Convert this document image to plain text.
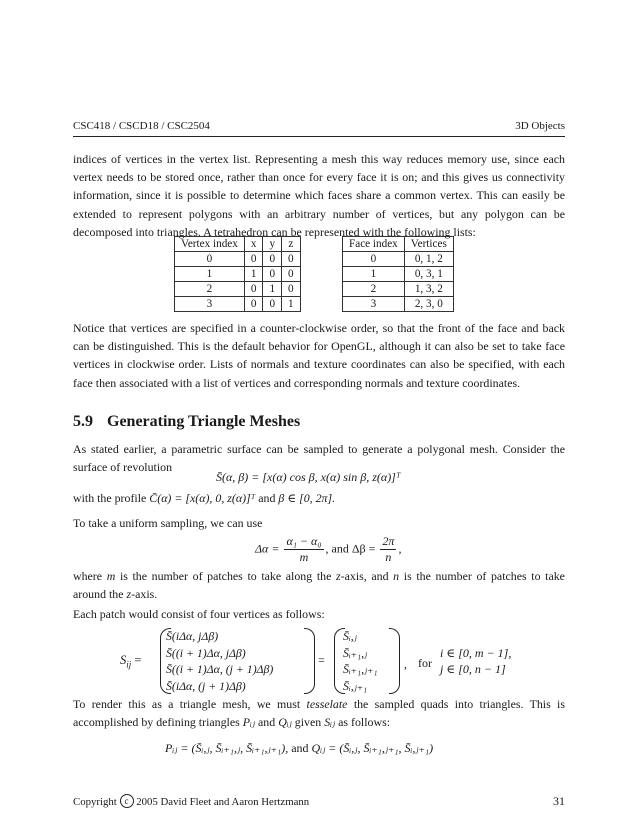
CSC418 / CSCD18 / CSC2504	3D Objects

indices of vertices in the vertex list. Representing a mesh this way reduces memory use, since each vertex needs to be stored once, rather than once for every face it is on; and this gives us connectivity information, since it is possible to determine which faces share a common vertex. This can easily be extended to represent polygons with an arbitrary number of vertices, but any polygon can be decomposed into triangles. A tetrahedron can be represented with the following lists:

Vertex index	x	y	z
0	0	0	0
1	1	0	0
2	0	1	0
3	0	0	1
Face index	Vertices
0	0, 1, 2
1	0, 3, 1
2	1, 3, 2
3	2, 3, 0

Notice that vertices are specified in a counter-clockwise order, so that the front of the face and back can be distinguished. This is the default behavior for OpenGL, although it can also be set to take face vertices in clockwise order. Lists of normals and texture coordinates can also be specified, with each face then associated with a list of vertices and corresponding normals and texture coordinates.

5.9 Generating Triangle Meshes

As stated earlier, a parametric surface can be sampled to generate a polygonal mesh. Consider the surface of revolution

S̄(α, β) = [x(α) cos β, x(α) sin β, z(α)]ᵀ
with the profile C̄(α) = [x(α), 0, z(α)]ᵀ and β ∈ [0, 2π].

To take a uniform sampling, we can use

$\Delta\alpha = \frac{\text{α₁ − α₀}}{m}$ , and $\Delta\beta = \frac{2\pi}{n}$ ,

where m is the number of patches to take along the z-axis, and n is the number of patches to take around the z-axis.

Each patch would consist of four vertices as follows:

$S_{ij}$ =
S̄(iΔα, jΔβ)
S̄((i + 1)Δα, jΔβ)
S̄((i + 1)Δα, (j + 1)Δβ)
S̄(iΔα, (j + 1)Δβ)
=
S̄ᵢ,ⱼ
S̄ᵢ₊₁,ⱼ
S̄ᵢ₊₁,ⱼ₊₁
S̄ᵢ,ⱼ₊₁
, for
i ∈ [0, m − 1],
j ∈ [0, n − 1]

To render this as a triangle mesh, we must tesselate the sampled quads into triangles. This is accomplished by defining triangles Pᵢⱼ and Qᵢⱼ given Sᵢⱼ as follows:

Pᵢⱼ = (S̄ᵢ,ⱼ, S̄ᵢ₊₁,ⱼ, S̄ᵢ₊₁,ⱼ₊₁), and Qᵢⱼ = (S̄ᵢ,ⱼ, S̄ᵢ₊₁,ⱼ₊₁, S̄ᵢ,ⱼ₊₁)
Copyright c 2005 David Fleet and Aaron Hertzmann	31
